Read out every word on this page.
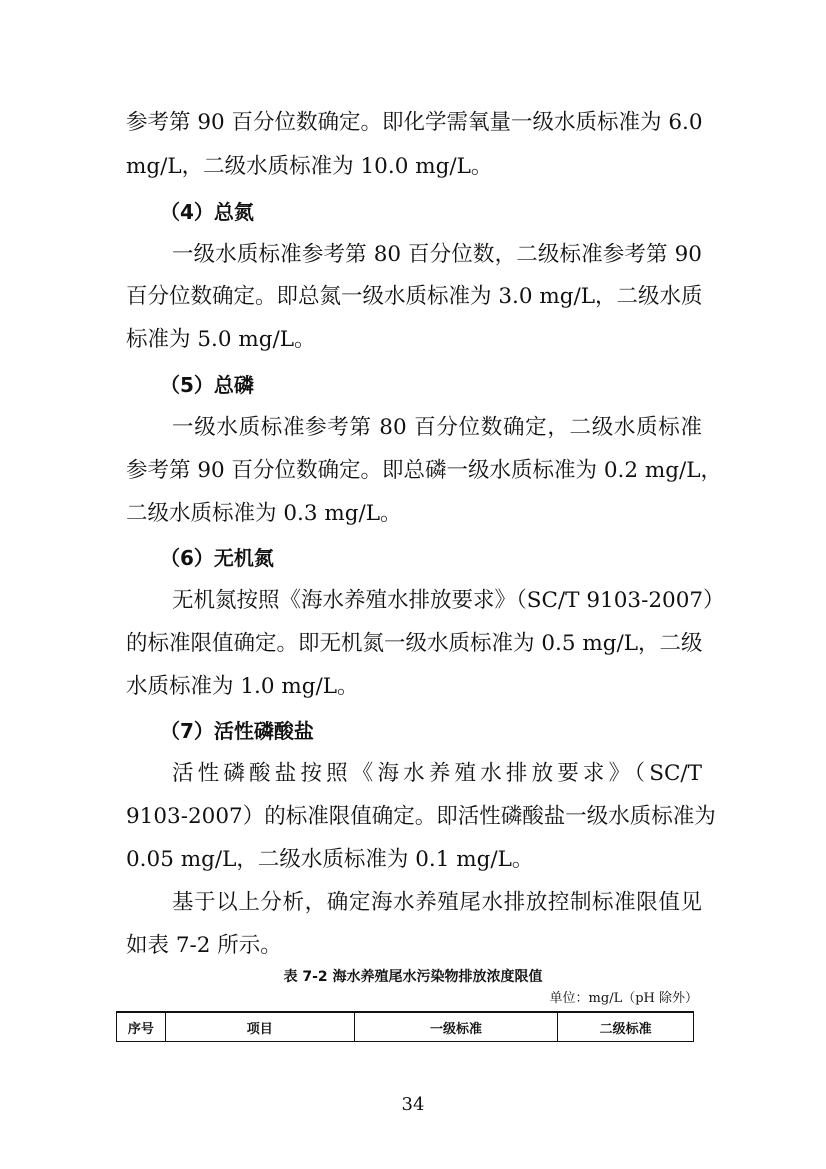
参考第 90 百分位数确定。即化学需氧量一级水质标准为 6.0
mg/L，二级水质标准为 10.0 mg/L。
（4）总氮
一级水质标准参考第 80 百分位数，二级标准参考第 90
百分位数确定。即总氮一级水质标准为 3.0 mg/L，二级水质
标准为 5.0 mg/L。
（5）总磷
一级水质标准参考第 80 百分位数确定，二级水质标准
参考第 90 百分位数确定。即总磷一级水质标准为 0.2 mg/L，
二级水质标准为 0.3 mg/L。
（6）无机氮
无机氮按照《海水养殖水排放要求》（SC/T 9103-2007）
的标准限值确定。即无机氮一级水质标准为 0.5 mg/L，二级
水质标准为 1.0 mg/L。
（7）活性磷酸盐
活性磷酸盐按照《海水养殖水排放要求》（SC/T
9103-2007）的标准限值确定。即活性磷酸盐一级水质标准为
0.05 mg/L，二级水质标准为 0.1 mg/L。
基于以上分析，确定海水养殖尾水排放控制标准限值见
如表 7-2 所示。
表 7-2 海水养殖尾水污染物排放浓度限值
单位：mg/L（pH 除外）
序号	项目	一级标准	二级标准
34
